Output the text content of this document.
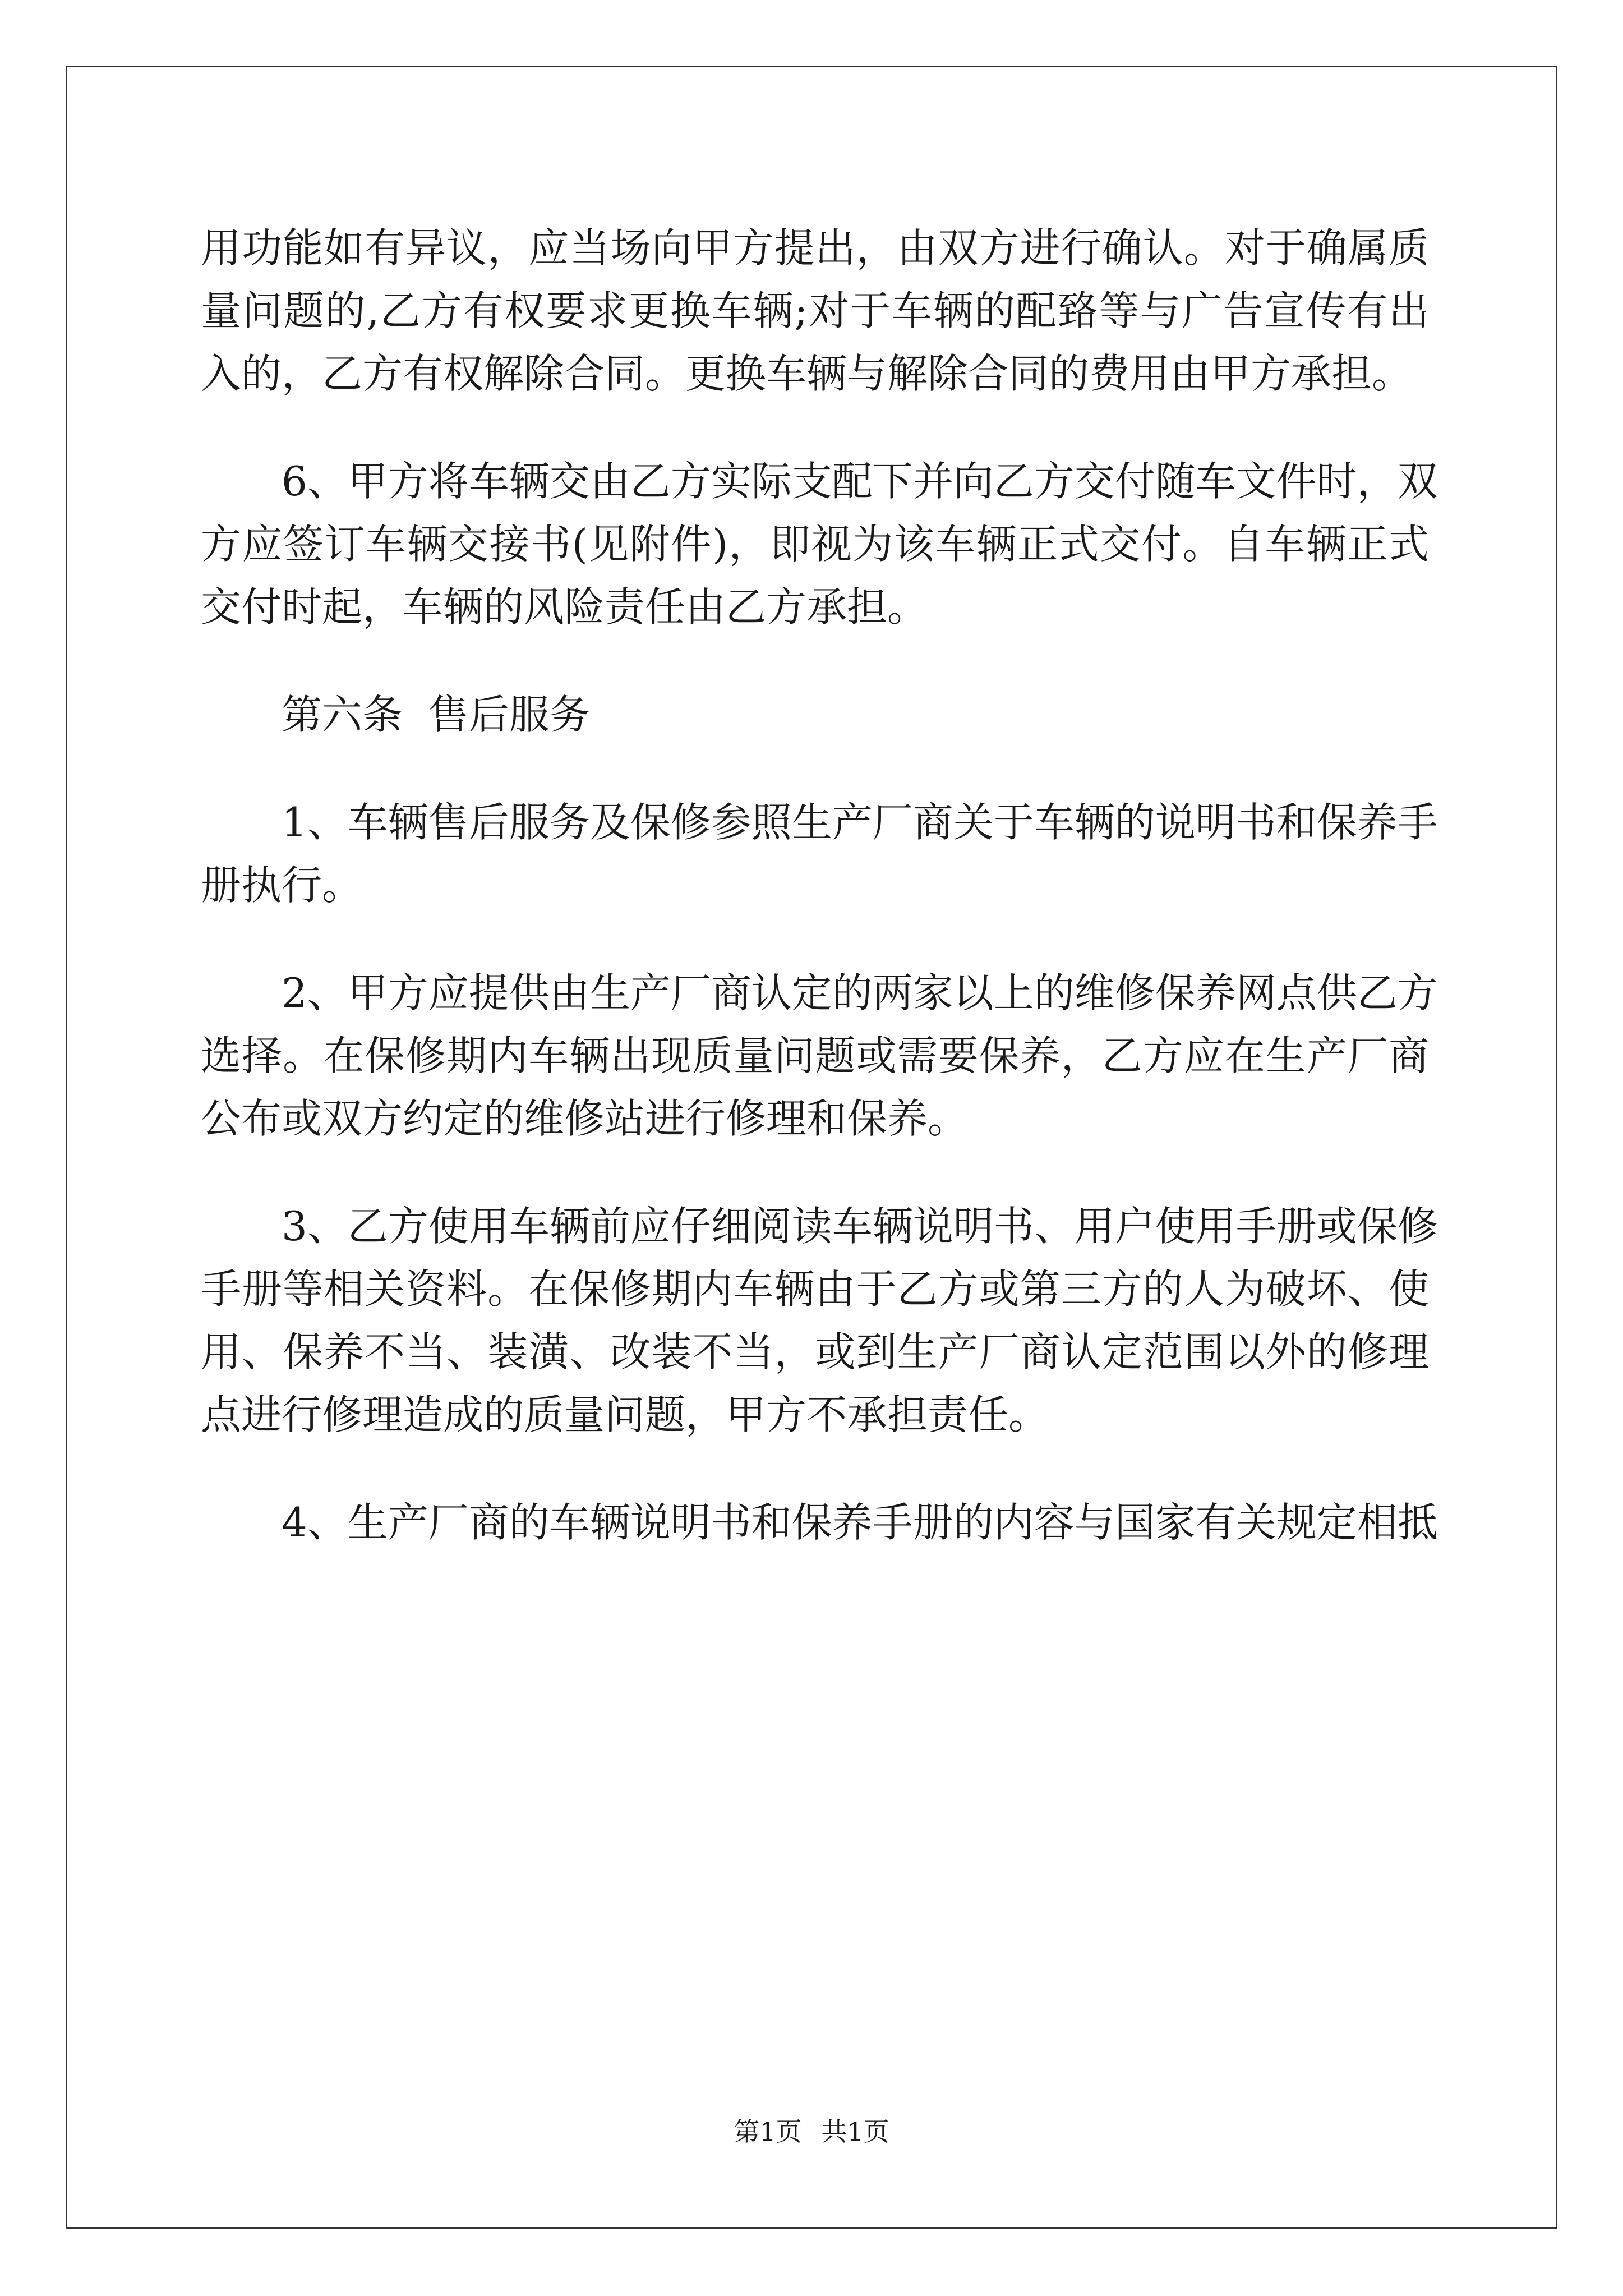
用功能如有异议，应当场向甲方提出，由双方进行确认。对于确属质
量问题的,乙方有权要求更换车辆;对于车辆的配臵等与广告宣传有出
入的，乙方有权解除合同。更换车辆与解除合同的费用由甲方承担。
6、甲方将车辆交由乙方实际支配下并向乙方交付随车文件时，双
方应签订车辆交接书(见附件)，即视为该车辆正式交付。自车辆正式
交付时起，车辆的风险责任由乙方承担。
第六条  售后服务
1、车辆售后服务及保修参照生产厂商关于车辆的说明书和保养手
册执行。
2、甲方应提供由生产厂商认定的两家以上的维修保养网点供乙方
选择。在保修期内车辆出现质量问题或需要保养，乙方应在生产厂商
公布或双方约定的维修站进行修理和保养。
3、乙方使用车辆前应仔细阅读车辆说明书、用户使用手册或保修
手册等相关资料。在保修期内车辆由于乙方或第三方的人为破坏、使
用、保养不当、装潢、改装不当，或到生产厂商认定范围以外的修理
点进行修理造成的质量问题，甲方不承担责任。
4、生产厂商的车辆说明书和保养手册的内容与国家有关规定相抵
第1页 共1页
